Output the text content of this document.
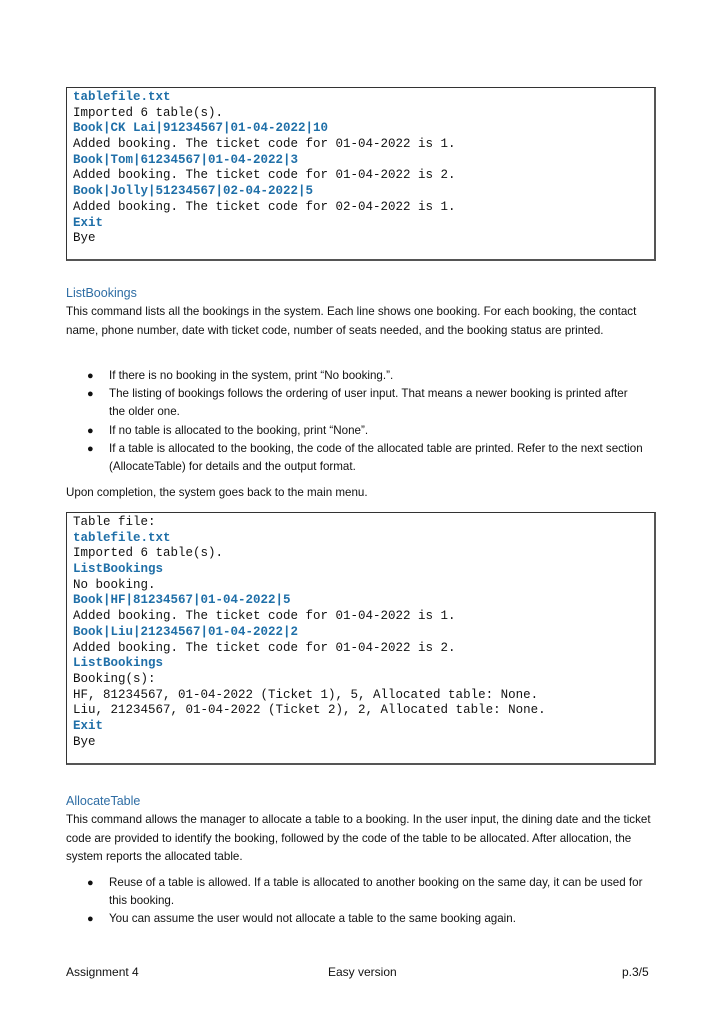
tablefile.txt
Imported 6 table(s).
Book|CK Lai|91234567|01-04-2022|10
Added booking. The ticket code for 01-04-2022 is 1.
Book|Tom|61234567|01-04-2022|3
Added booking. The ticket code for 01-04-2022 is 2.
Book|Jolly|51234567|02-04-2022|5
Added booking. The ticket code for 02-04-2022 is 1.
Exit
Bye
ListBookings
This command lists all the bookings in the system. Each line shows one booking. For each booking, the contact name, phone number, date with ticket code, number of seats needed, and the booking status are printed.
● If there is no booking in the system, print “No booking.”.
● The listing of bookings follows the ordering of user input. That means a newer booking is printed after the older one.
● If no table is allocated to the booking, print “None”.
● If a table is allocated to the booking, the code of the allocated table are printed. Refer to the next section (AllocateTable) for details and the output format.
Upon completion, the system goes back to the main menu.
Table file:
tablefile.txt
Imported 6 table(s).
ListBookings
No booking.
Book|HF|81234567|01-04-2022|5
Added booking. The ticket code for 01-04-2022 is 1.
Book|Liu|21234567|01-04-2022|2
Added booking. The ticket code for 01-04-2022 is 2.
ListBookings
Booking(s):
HF, 81234567, 01-04-2022 (Ticket 1), 5, Allocated table: None.
Liu, 21234567, 01-04-2022 (Ticket 2), 2, Allocated table: None.
Exit
Bye
AllocateTable
This command allows the manager to allocate a table to a booking. In the user input, the dining date and the ticket code are provided to identify the booking, followed by the code of the table to be allocated. After allocation, the system reports the allocated table.
● Reuse of a table is allowed. If a table is allocated to another booking on the same day, it can be used for this booking.
● You can assume the user would not allocate a table to the same booking again.
Assignment 4	Easy version	p.3/5
